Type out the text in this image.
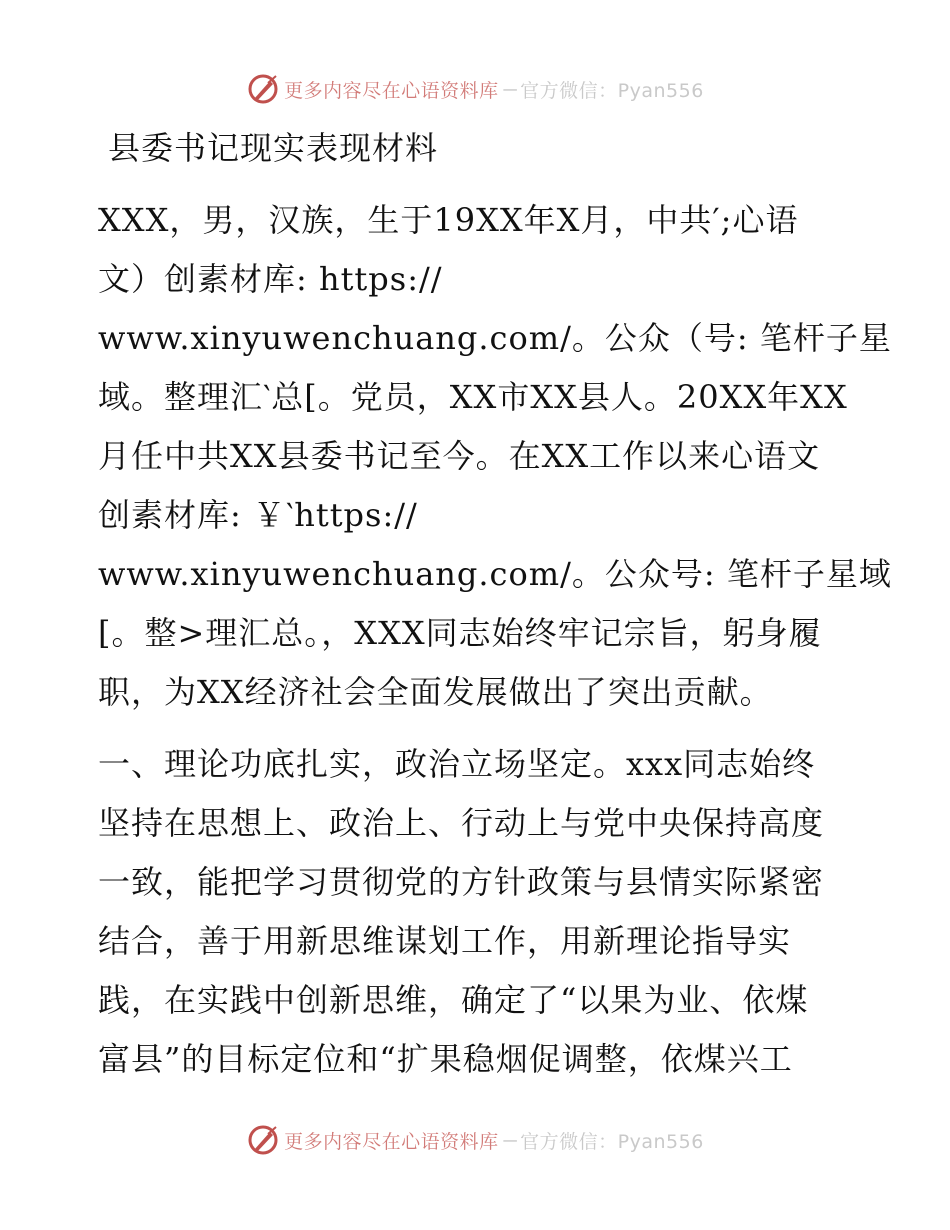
更多内容尽在心语资料库 — 官方微信：Pyan556
县委书记现实表现材料
XXX，男，汉族，生于19XX年X月，中共′;心语
文）创素材库: https://
www.xinyuwenchuang.com/。公众（号: 笔杆子星
域。整理汇‵总[。党员，XX市XX县人。20XX年XX
月任中共XX县委书记至今。在XX工作以来心语文
创素材库: ￥‵https://
www.xinyuwenchuang.com/。公众号: 笔杆子星域
[。整>理汇总。，XXX同志始终牢记宗旨，躬身履
职，为XX经济社会全面发展做出了突出贡献。
一、理论功底扎实，政治立场坚定。xxx同志始终
坚持在思想上、政治上、行动上与党中央保持高度
一致，能把学习贯彻党的方针政策与县情实际紧密
结合，善于用新思维谋划工作，用新理论指导实
践，在实践中创新思维，确定了“以果为业、依煤
富县”的目标定位和“扩果稳烟促调整，依煤兴工
更多内容尽在心语资料库 — 官方微信：Pyan556
